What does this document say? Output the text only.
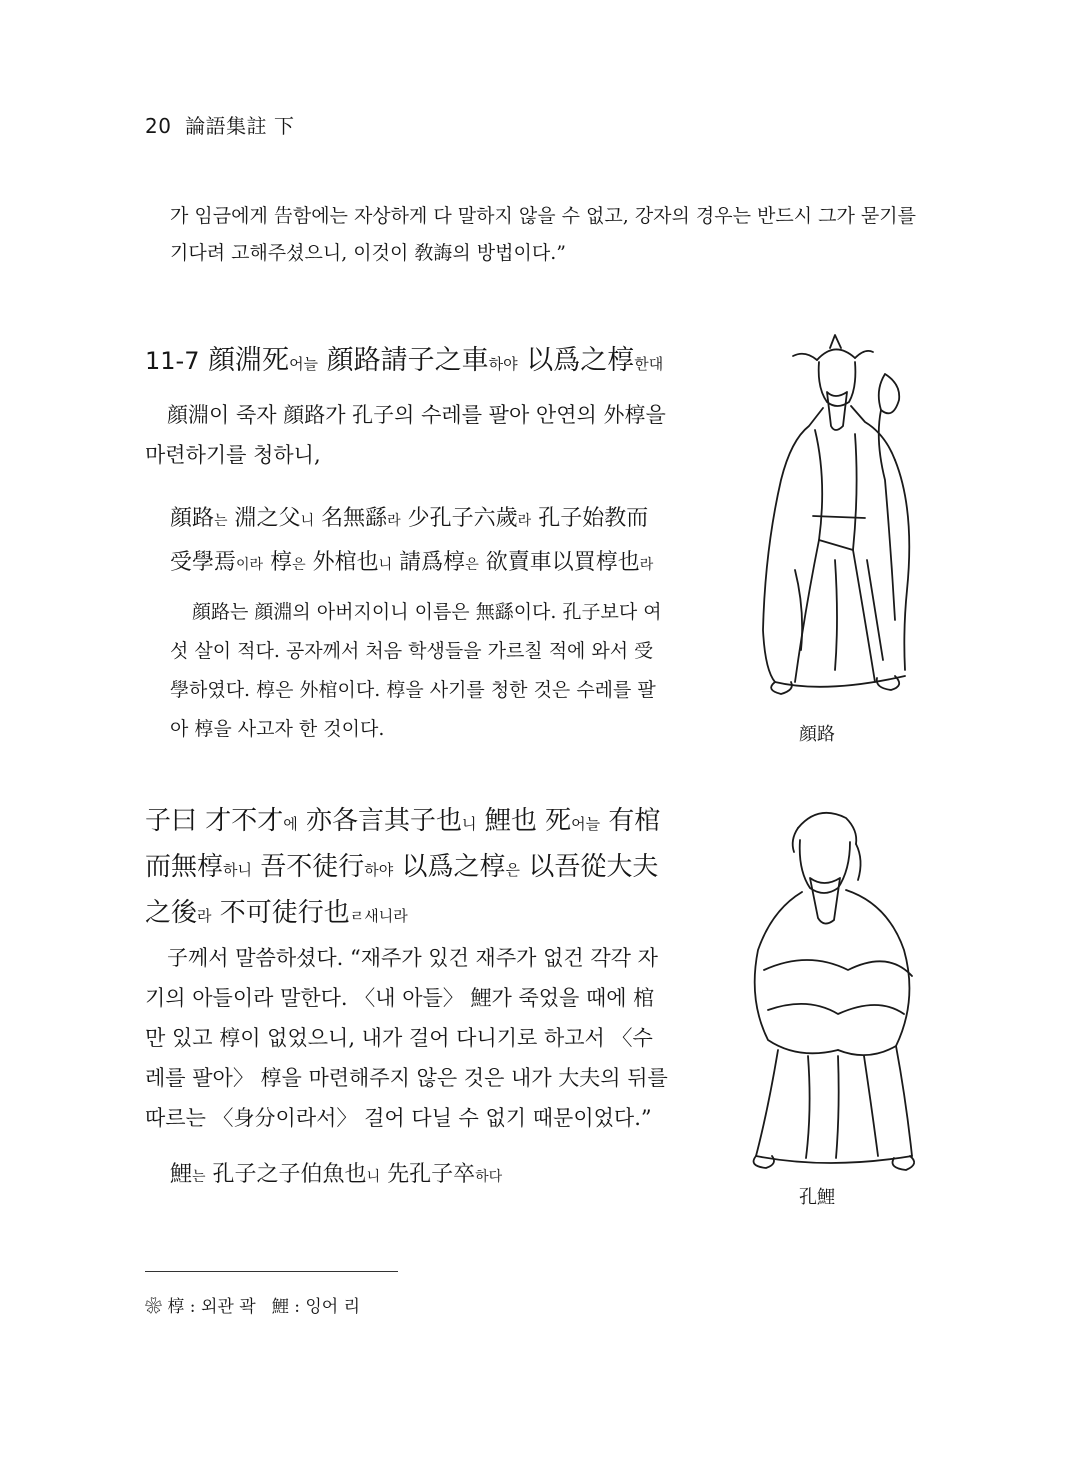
20 論語集註 下
가 임금에게 告함에는 자상하게 다 말하지 않을 수 없고, 강자의 경우는 반드시 그가 묻기를
기다려 고해주셨으니, 이것이 敎誨의 방법이다.”
11-7 顔淵死어늘 顔路請子之車하야 以爲之椁한대
顔淵이 죽자 顔路가 孔子의 수레를 팔아 안연의 外椁을 마련하기를 청하니,
顔路는 淵之父니 名無繇라 少孔子六歲라 孔子始教而受學焉이라 椁은 外棺也니 請爲椁은 欲賣車以買椁也라
顔路는 顔淵의 아버지이니 이름은 無繇이다. 孔子보다 여섯 살이 적다. 공자께서 처음 학생들을 가르칠 적에 와서 受學하였다. 椁은 外棺이다. 椁을 사기를 청한 것은 수레를 팔아 椁을 사고자 한 것이다.	顔路
子曰 才不才에 亦各言其子也니 鯉也 死어늘 有棺而無椁하니 吾不徒行하야 以爲之椁은 以吾從大夫之後라 不可徒行也ㄹ새니라
子께서 말씀하셨다. “재주가 있건 재주가 없건 각각 자기의 아들이라 말한다. 〈내 아들〉 鯉가 죽었을 때에 棺만 있고 椁이 없었으니, 내가 걸어 다니기로 하고서 〈수레를 팔아〉 椁을 마련해주지 않은 것은 내가 大夫의 뒤를 따르는 〈身分이라서〉 걸어 다닐 수 없기 때문이었다.”
鯉는 孔子之子伯魚也니 先孔子卒하다
孔鯉
❀ 椁 : 외관 곽   鯉 : 잉어 리
